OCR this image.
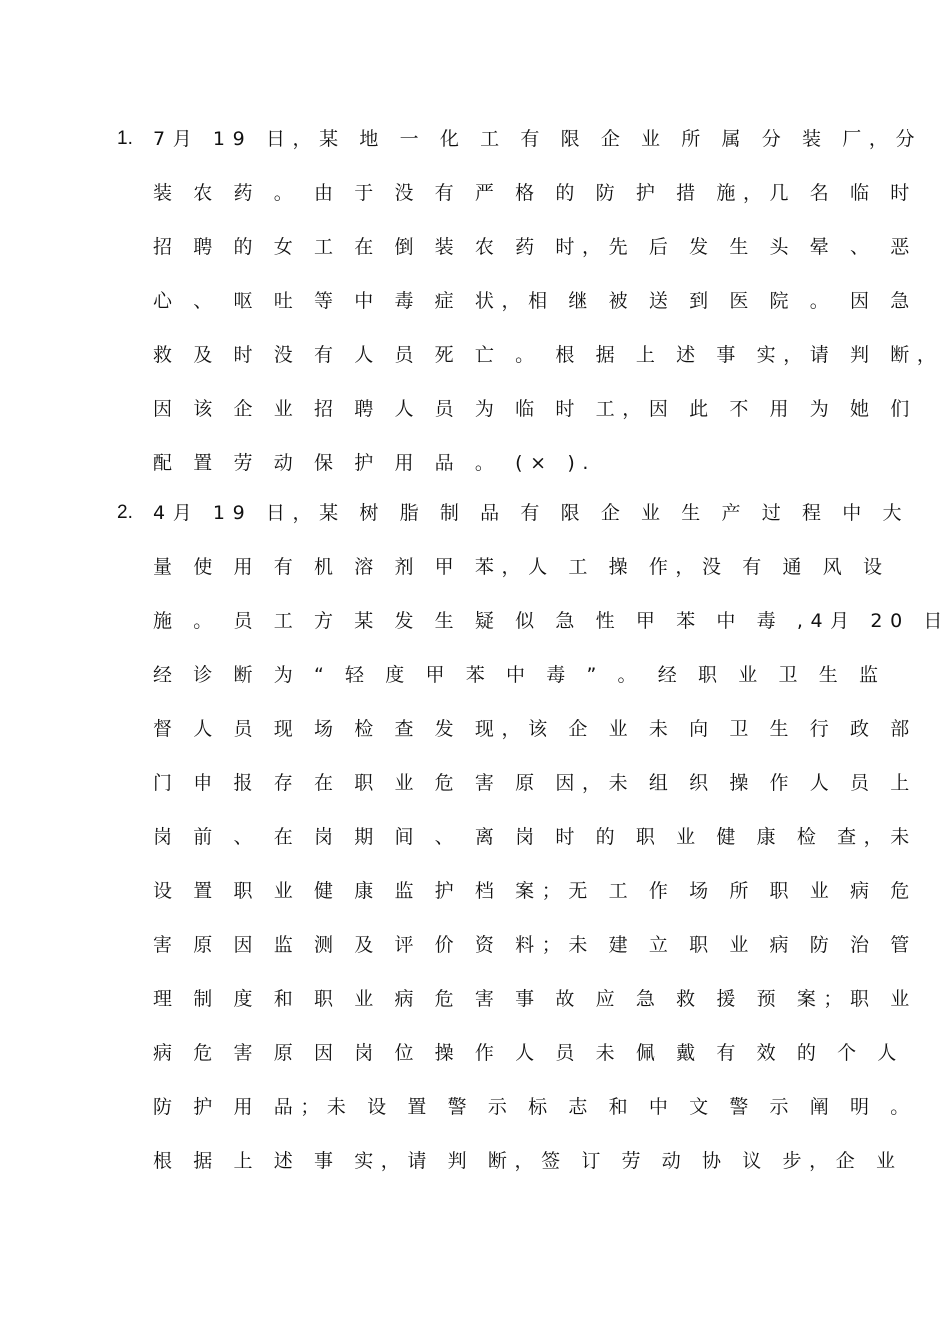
1. 7月 19 日，某 地 一 化 工 有 限 企 业 所 属 分 装 厂，分
装 农 药 。 由 于 没 有 严 格 的 防 护 措 施，几 名 临 时
招 聘 的 女 工 在 倒 装 农 药 时，先 后 发 生 头 晕 、 恶
心 、 呕 吐 等 中 毒 症 状，相 继 被 送 到 医 院 。 因 急
救 及 时 没 有 人 员 死 亡 。 根 据 上 述 事 实，请 判 断，
因 该 企 业 招 聘 人 员 为 临 时 工，因 此 不 用 为 她 们
配 置 劳 动 保 护 用 品 。 (× ).
2. 4月 19 日，某 树 脂 制 品 有 限 企 业 生 产 过 程 中 大
量 使 用 有 机 溶 剂 甲 苯，人 工 操 作，没 有 通 风 设
施 。 员 工 方 某 发 生 疑 似 急 性 甲 苯 中 毒 ,4月 20 日
经 诊 断 为 “ 轻 度 甲 苯 中 毒 ” 。 经 职 业 卫 生 监
督 人 员 现 场 检 查 发 现，该 企 业 未 向 卫 生 行 政 部
门 申 报 存 在 职 业 危 害 原 因，未 组 织 操 作 人 员 上
岗 前 、 在 岗 期 间 、 离 岗 时 的 职 业 健 康 检 查，未
设 置 职 业 健 康 监 护 档 案；无 工 作 场 所 职 业 病 危
害 原 因 监 测 及 评 价 资 料；未 建 立 职 业 病 防 治 管
理 制 度 和 职 业 病 危 害 事 故 应 急 救 援 预 案；职 业
病 危 害 原 因 岗 位 操 作 人 员 未 佩 戴 有 效 的 个 人
防 护 用 品；未 设 置 警 示 标 志 和 中 文 警 示 阐 明 。
根 据 上 述 事 实，请 判 断，签 订 劳 动 协 议 步，企 业
